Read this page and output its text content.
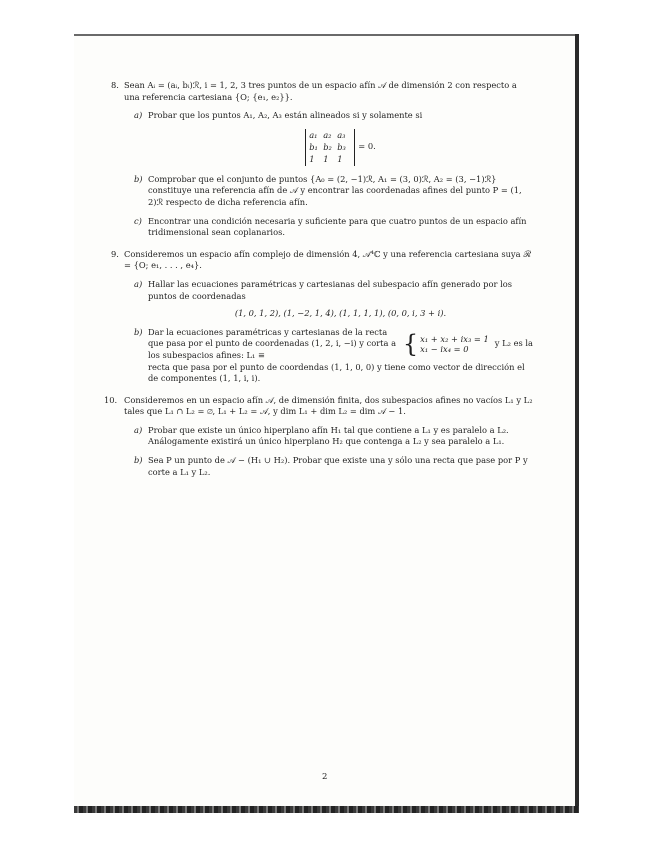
8. Sean Aᵢ = (aᵢ, bᵢ)ℛ, i = 1, 2, 3 tres puntos de un espacio afín 𝒜 de dimensión 2 con respecto a una referencia cartesiana {O; {e₁, e₂}}.

a) Probar que los puntos A₁, A₂, A₃ están alineados si y solamente si

a₁ a₂ a₃
b₁ b₂ b₃
1	1	1
= 0.
b) Comprobar que el conjunto de puntos {A₀ = (2, −1)ℛ, A₁ = (3, 0)ℛ, A₂ = (3, −1)ℛ} constituye una referencia afín de 𝒜 y encontrar las coordenadas afines del punto P = (1, 2)ℛ respecto de dicha referencia afín.

c) Encontrar una condición necesaria y suficiente para que cuatro puntos de un espacio afín tridimensional sean coplanarios.

9. Consideremos un espacio afín complejo de dimensión 4, 𝒜⁴ℂ y una referencia cartesiana suya ℛ = {O; e₁, . . . , e₄}.

a) Hallar las ecuaciones paramétricas y cartesianas del subespacio afín generado por los puntos de coordenadas

(1, 0, 1, 2), (1, −2, 1, 4), (1, 1, 1, 1), (0, 0, i, 3 + i).

b) Dar la ecuaciones paramétricas y cartesianas de la recta que pasa por el punto de coordenadas (1, 2, i, −i) y corta a los subespacios afines: L₁ ≡	{ x₁ + x₂ + ix₃ = 1
x₁ − ix₄ = 0
y L₂ es la

recta que pasa por el punto de coordendas (1, 1, 0, 0) y tiene como vector de dirección el de componentes (1, 1, i, i).

10. Consideremos en un espacio afín 𝒜, de dimensión finita, dos subespacios afines no vacíos L₁ y L₂ tales que L₁ ∩ L₂ = ∅, L₁ + L₂ = 𝒜, y dim L₁ + dim L₂ = dim 𝒜 − 1.

a) Probar que existe un único hiperplano afín H₁ tal que contiene a L₁ y es paralelo a L₂. Análogamente existirá un único hiperplano H₂ que contenga a L₂ y sea paralelo a L₁.

b) Sea P un punto de 𝒜 − (H₁ ∪ H₂). Probar que existe una y sólo una recta que pase por P y corte a L₁ y L₂.

2
